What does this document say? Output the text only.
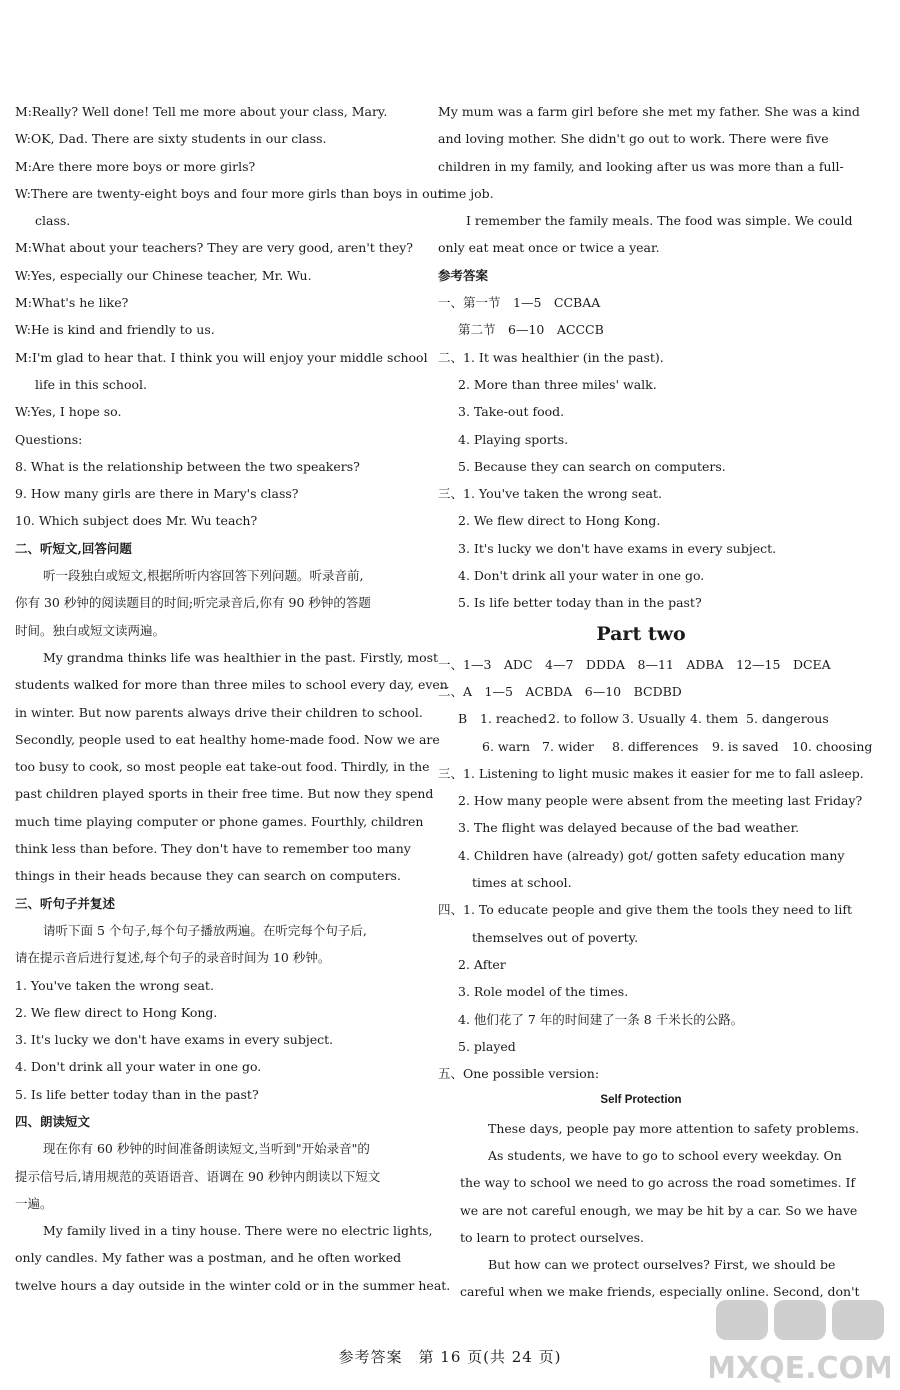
M:Really? Well done! Tell me more about your class, Mary.
W:OK, Dad. There are sixty students in our class.
M:Are there more boys or more girls?
W:There are twenty-eight boys and four more girls than boys in our
class.
M:What about your teachers? They are very good, aren't they?
W:Yes, especially our Chinese teacher, Mr. Wu.
M:What's he like?
W:He is kind and friendly to us.
M:I'm glad to hear that. I think you will enjoy your middle school
life in this school.
W:Yes, I hope so.
Questions:
8. What is the relationship between the two speakers?
9. How many girls are there in Mary's class?
10. Which subject does Mr. Wu teach?
二、听短文,回答问题
听一段独白或短文,根据所听内容回答下列问题。听录音前,
你有 30 秒钟的阅读题目的时间;听完录音后,你有 90 秒钟的答题
时间。独白或短文读两遍。
My grandma thinks life was healthier in the past. Firstly, most
students walked for more than three miles to school every day, even
in winter. But now parents always drive their children to school.
Secondly, people used to eat healthy home-made food. Now we are
too busy to cook, so most people eat take-out food. Thirdly, in the
past children played sports in their free time. But now they spend
much time playing computer or phone games. Fourthly, children
think less than before. They don't have to remember too many
things in their heads because they can search on computers.
三、听句子并复述
请听下面 5 个句子,每个句子播放两遍。在听完每个句子后,
请在提示音后进行复述,每个句子的录音时间为 10 秒钟。
1. You've taken the wrong seat.
2. We flew direct to Hong Kong.
3. It's lucky we don't have exams in every subject.
4. Don't drink all your water in one go.
5. Is life better today than in the past?
四、朗读短文
现在你有 60 秒钟的时间准备朗读短文,当听到"开始录音"的
提示信号后,请用规范的英语语音、语调在 90 秒钟内朗读以下短文
一遍。
My family lived in a tiny house. There were no electric lights,
only candles. My father was a postman, and he often worked
twelve hours a day outside in the winter cold or in the summer heat.
My mum was a farm girl before she met my father. She was a kind
and loving mother. She didn't go out to work. There were five
children in my family, and looking after us was more than a full-
time job.
I remember the family meals. The food was simple. We could
only eat meat once or twice a year.
参考答案
一、第一节　1—5　CCBAA
第二节　6—10　ACCCB
二、1. It was healthier (in the past).
2. More than three miles' walk.
3. Take-out food.
4. Playing sports.
5. Because they can search on computers.
三、1. You've taken the wrong seat.
2. We flew direct to Hong Kong.
3. It's lucky we don't have exams in every subject.
4. Don't drink all your water in one go.
5. Is life better today than in the past?
Part two
一、1—3　ADC　4—7　DDDA　8—11　ADBA　12—15　DCEA
二、A　1—5　ACBDA　6—10　BCDBD
B 1. reached2. to follow 3. Usually 4. them 5. dangerous
6. warn 7. wider 8. differences 9. is saved 10. choosing
三、1. Listening to light music makes it easier for me to fall asleep.
2. How many people were absent from the meeting last Friday?
3. The flight was delayed because of the bad weather.
4. Children have (already) got/ gotten safety education many
times at school.
四、1. To educate people and give them the tools they need to lift
themselves out of poverty.
2. After
3. Role model of the times.
4. 他们花了 7 年的时间建了一条 8 千米长的公路。
5. played
五、One possible version:
Self Protection
These days, people pay more attention to safety problems.
As students, we have to go to school every weekday. On
the way to school we need to go across the road sometimes. If
we are not careful enough, we may be hit by a car. So we have
to learn to protect ourselves.
But how can we protect ourselves? First, we should be
careful when we make friends, especially online. Second, don't
参考答案　第 16 页(共 24 页)	MXQE.COM
